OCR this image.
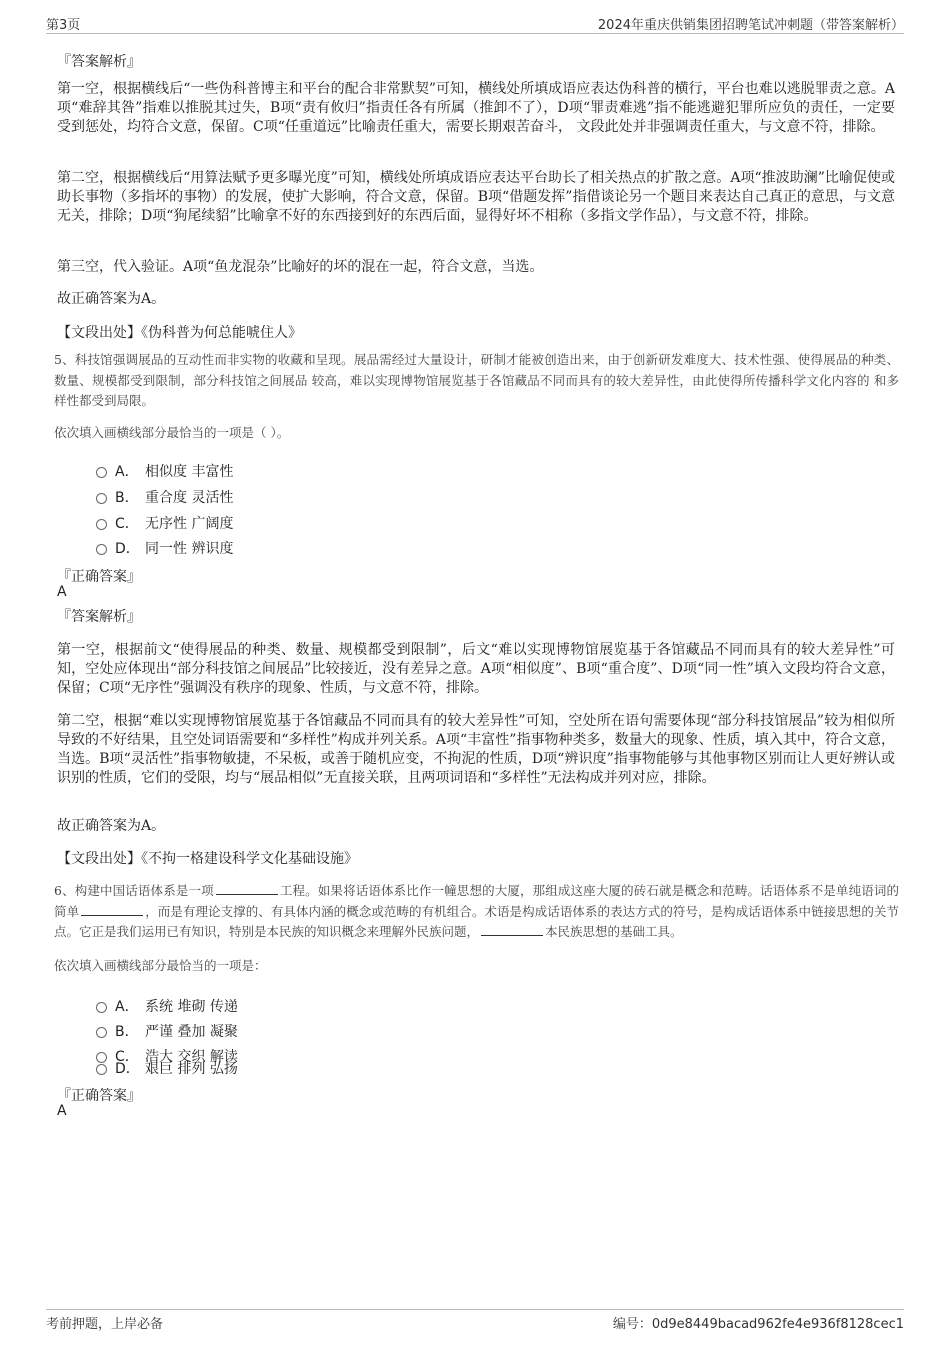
第3页	2024年重庆供销集团招聘笔试冲刺题（带答案解析）
『答案解析』
第一空，根据横线后“一些伪科普博主和平台的配合非常默契”可知，横线处所填成语应表达伪科普的横行，平台也难以逃脱罪责之意。A项“难辞其咎”指难以推脱其过失，B项“责有攸归”指责任各有所属（推卸不了），D项“罪责难逃”指不能逃避犯罪所应负的责任，一定要受到惩处，均符合文意，保留。C项“任重道远”比喻责任重大，需要长期艰苦奋斗， 文段此处并非强调责任重大，与文意不符，排除。
第二空，根据横线后“用算法赋予更多曝光度”可知，横线处所填成语应表达平台助长了相关热点的扩散之意。A项“推波助澜”比喻促使或助长事物（多指坏的事物）的发展，使扩大影响，符合文意，保留。B项“借题发挥”指借谈论另一个题目来表达自己真正的意思，与文意无关，排除；D项“狗尾续貂”比喻拿不好的东西接到好的东西后面，显得好坏不相称（多指文学作品），与文意不符，排除。
第三空，代入验证。A项“鱼龙混杂”比喻好的坏的混在一起，符合文意，当选。
故正确答案为A。
【文段出处】《伪科普为何总能唬住人》
5、科技馆强调展品的互动性而非实物的收藏和呈现。展品需经过大量设计，研制才能被创造出来，由于创新研发难度大、技术性强、使得展品的种类、数量、规模都受到限制，部分科技馆之间展品 较高，难以实现博物馆展览基于各馆藏品不同而具有的较大差异性，由此使得所传播科学文化内容的 和多样性都受到局限。
依次填入画横线部分最恰当的一项是（ ）。
A． 相似度 丰富性
B． 重合度 灵活性
C． 无序性 广阔度
D． 同一性 辨识度
『正确答案』
A
『答案解析』
第一空，根据前文“使得展品的种类、数量、规模都受到限制”，后文“难以实现博物馆展览基于各馆藏品不同而具有的较大差异性”可知，空处应体现出“部分科技馆之间展品”比较接近，没有差异之意。A项“相似度”、B项“重合度”、D项“同一性”填入文段均符合文意，保留；C项“无序性”强调没有秩序的现象、性质，与文意不符，排除。
第二空，根据“难以实现博物馆展览基于各馆藏品不同而具有的较大差异性”可知，空处所在语句需要体现“部分科技馆展品”较为相似所导致的不好结果，且空处词语需要和“多样性”构成并列关系。A项“丰富性”指事物种类多，数量大的现象、性质，填入其中，符合文意，当选。B项“灵活性”指事物敏捷，不呆板，或善于随机应变，不拘泥的性质，D项“辨识度”指事物能够与其他事物区别而让人更好辨认或识别的性质，它们的受限，均与“展品相似”无直接关联，且两项词语和“多样性”无法构成并列对应，排除。
故正确答案为A。
【文段出处】《不拘一格建设科学文化基础设施》
6、构建中国话语体系是一项	工程。如果将话语体系比作一幢思想的大厦，那组成这座大厦的砖石就是概念和范畴。话语体系不是单纯语词的简单	，而是有理论支撑的、有具体内涵的概念或范畴的有机组合。术语是构成话语体系的表达方式的符号，是构成话语体系中链接思想的关节点。它正是我们运用已有知识，特别是本民族的知识概念来理解外民族问题，	本民族思想的基础工具。
依次填入画横线部分最恰当的一项是：
A． 系统 堆砌 传递
B． 严谨 叠加 凝聚
C． 浩大 交织 解读
D． 艰巨 排列 弘扬
『正确答案』
A
考前押题，上岸必备	编号：0d9e8449bacad962fe4e936f8128cec1
